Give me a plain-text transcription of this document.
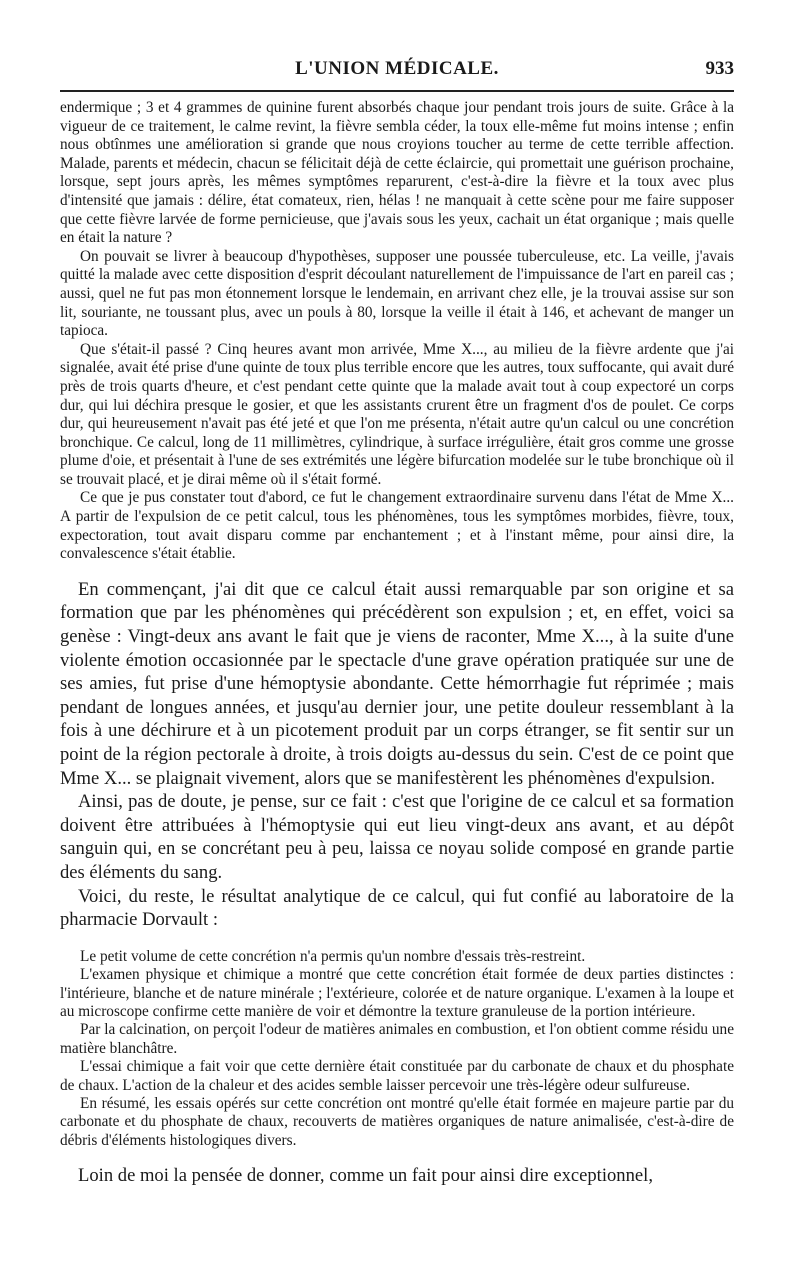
L'UNION MÉDICALE.	933

endermique ; 3 et 4 grammes de quinine furent absorbés chaque jour pendant trois jours de suite. Grâce à la vigueur de ce traitement, le calme revint, la fièvre sembla céder, la toux elle-même fut moins intense ; enfin nous obtînmes une amélioration si grande que nous croyions toucher au terme de cette terrible affection. Malade, parents et médecin, chacun se félicitait déjà de cette éclaircie, qui promettait une guérison prochaine, lorsque, sept jours après, les mêmes symptômes reparurent, c'est-à-dire la fièvre et la toux avec plus d'intensité que jamais : délire, état comateux, rien, hélas ! ne manquait à cette scène pour me faire supposer que cette fièvre larvée de forme pernicieuse, que j'avais sous les yeux, cachait un état organique ; mais quelle en était la nature ?

On pouvait se livrer à beaucoup d'hypothèses, supposer une poussée tuberculeuse, etc. La veille, j'avais quitté la malade avec cette disposition d'esprit découlant naturellement de l'impuissance de l'art en pareil cas ; aussi, quel ne fut pas mon étonnement lorsque le lendemain, en arrivant chez elle, je la trouvai assise sur son lit, souriante, ne toussant plus, avec un pouls à 80, lorsque la veille il était à 146, et achevant de manger un tapioca.

Que s'était-il passé ? Cinq heures avant mon arrivée, Mme X..., au milieu de la fièvre ardente que j'ai signalée, avait été prise d'une quinte de toux plus terrible encore que les autres, toux suffocante, qui avait duré près de trois quarts d'heure, et c'est pendant cette quinte que la malade avait tout à coup expectoré un corps dur, qui lui déchira presque le gosier, et que les assistants crurent être un fragment d'os de poulet. Ce corps dur, qui heureusement n'avait pas été jeté et que l'on me présenta, n'était autre qu'un calcul ou une concrétion bronchique. Ce calcul, long de 11 millimètres, cylindrique, à surface irrégulière, était gros comme une grosse plume d'oie, et présentait à l'une de ses extrémités une légère bifurcation modelée sur le tube bronchique où il se trouvait placé, et je dirai même où il s'était formé.

Ce que je pus constater tout d'abord, ce fut le changement extraordinaire survenu dans l'état de Mme X... A partir de l'expulsion de ce petit calcul, tous les phénomènes, tous les symptômes morbides, fièvre, toux, expectoration, tout avait disparu comme par enchantement ; et à l'instant même, pour ainsi dire, la convalescence s'était établie.

En commençant, j'ai dit que ce calcul était aussi remarquable par son origine et sa formation que par les phénomènes qui précédèrent son expulsion ; et, en effet, voici sa genèse : Vingt-deux ans avant le fait que je viens de raconter, Mme X..., à la suite d'une violente émotion occasionnée par le spectacle d'une grave opération pratiquée sur une de ses amies, fut prise d'une hémoptysie abondante. Cette hémorrhagie fut réprimée ; mais pendant de longues années, et jusqu'au dernier jour, une petite douleur ressemblant à la fois à une déchirure et à un picotement produit par un corps étranger, se fit sentir sur un point de la région pectorale à droite, à trois doigts au-dessus du sein. C'est de ce point que Mme X... se plaignait vivement, alors que se manifestèrent les phénomènes d'expulsion.

Ainsi, pas de doute, je pense, sur ce fait : c'est que l'origine de ce calcul et sa formation doivent être attribuées à l'hémoptysie qui eut lieu vingt-deux ans avant, et au dépôt sanguin qui, en se concrétant peu à peu, laissa ce noyau solide composé en grande partie des éléments du sang.

Voici, du reste, le résultat analytique de ce calcul, qui fut confié au laboratoire de la pharmacie Dorvault :

Le petit volume de cette concrétion n'a permis qu'un nombre d'essais très-restreint.

L'examen physique et chimique a montré que cette concrétion était formée de deux parties distinctes : l'intérieure, blanche et de nature minérale ; l'extérieure, colorée et de nature organique. L'examen à la loupe et au microscope confirme cette manière de voir et démontre la texture granuleuse de la portion intérieure.

Par la calcination, on perçoit l'odeur de matières animales en combustion, et l'on obtient comme résidu une matière blanchâtre.

L'essai chimique a fait voir que cette dernière était constituée par du carbonate de chaux et du phosphate de chaux. L'action de la chaleur et des acides semble laisser percevoir une très-légère odeur sulfureuse.

En résumé, les essais opérés sur cette concrétion ont montré qu'elle était formée en majeure partie par du carbonate et du phosphate de chaux, recouverts de matières organiques de nature animalisée, c'est-à-dire de débris d'éléments histologiques divers.

Loin de moi la pensée de donner, comme un fait pour ainsi dire exceptionnel,
